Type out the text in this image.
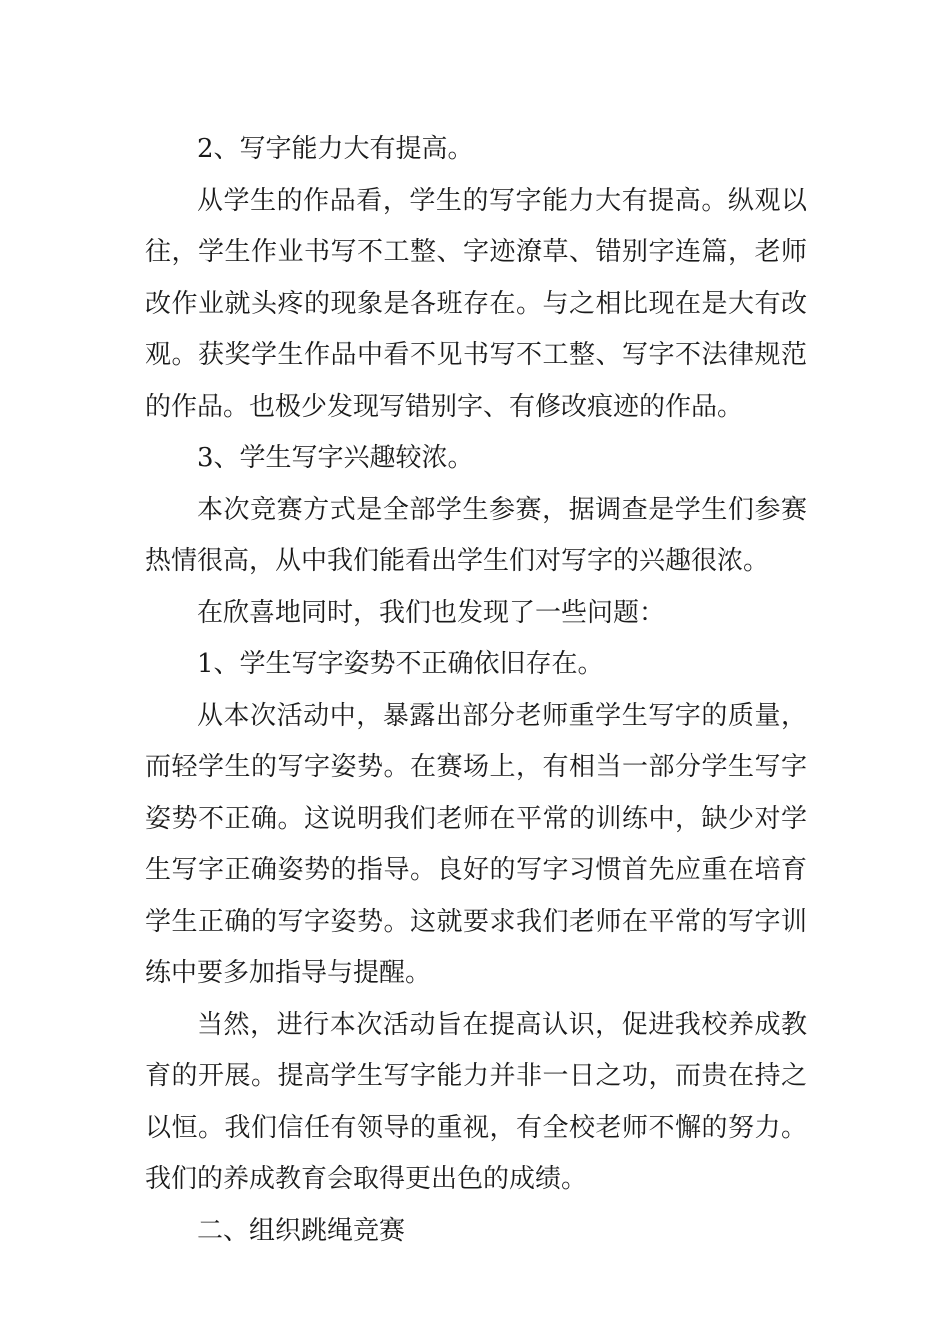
2、写字能力大有提高。

从学生的作品看，学生的写字能力大有提高。纵观以往，学生作业书写不工整、字迹潦草、错别字连篇，老师改作业就头疼的现象是各班存在。与之相比现在是大有改观。获奖学生作品中看不见书写不工整、写字不法律规范的作品。也极少发现写错别字、有修改痕迹的作品。

3、学生写字兴趣较浓。

本次竞赛方式是全部学生参赛，据调查是学生们参赛热情很高，从中我们能看出学生们对写字的兴趣很浓。

在欣喜地同时，我们也发现了一些问题：

1、学生写字姿势不正确依旧存在。

从本次活动中，暴露出部分老师重学生写字的质量，而轻学生的写字姿势。在赛场上，有相当一部分学生写字姿势不正确。这说明我们老师在平常的训练中，缺少对学生写字正确姿势的指导。良好的写字习惯首先应重在培育学生正确的写字姿势。这就要求我们老师在平常的写字训练中要多加指导与提醒。

当然，进行本次活动旨在提高认识，促进我校养成教育的开展。提高学生写字能力并非一日之功，而贵在持之以恒。我们信任有领导的重视，有全校老师不懈的努力。我们的养成教育会取得更出色的成绩。

二、组织跳绳竞赛
